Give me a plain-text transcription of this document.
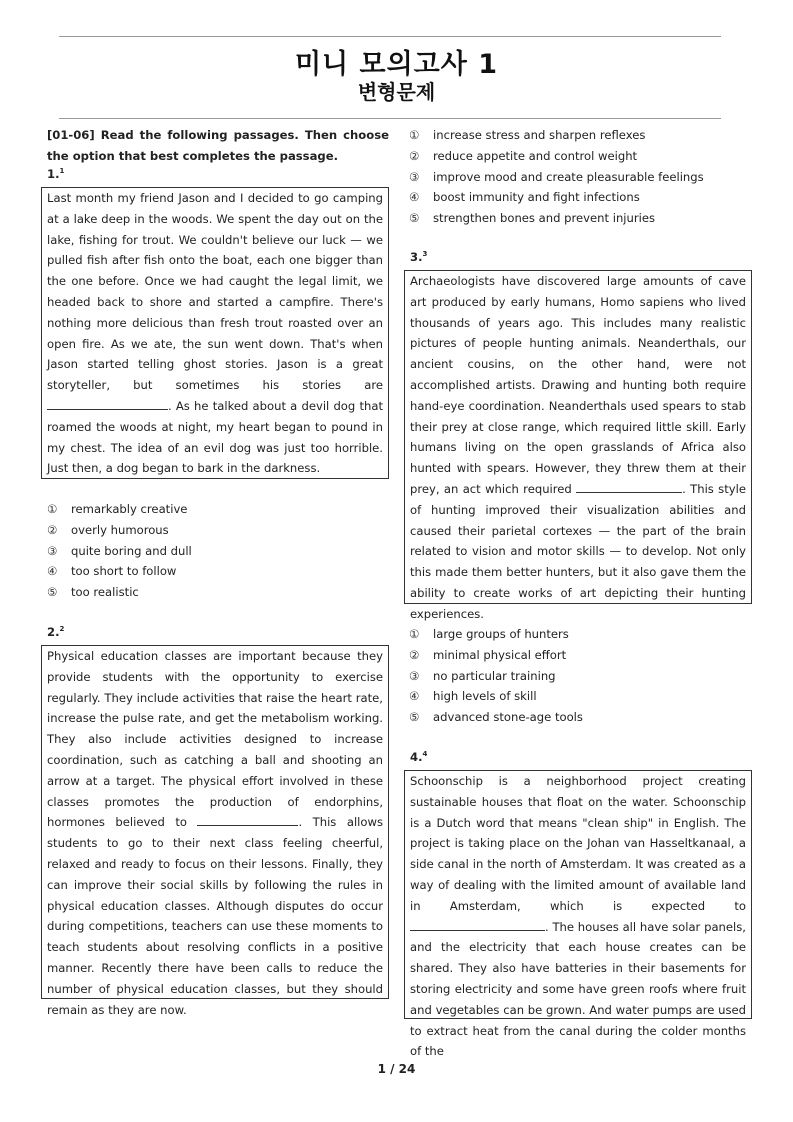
미니 모의고사 1
변형문제
[01-06] Read the following passages. Then choose the option that best completes the passage.
1.$^1$
Last month my friend Jason and I decided to go camping at a lake deep in the woods. We spent the day out on the lake, fishing for trout. We couldn't believe our luck — we pulled fish after fish onto the boat, each one bigger than the one before. Once we had caught the legal limit, we headed back to shore and started a campfire. There's nothing more delicious than fresh trout roasted over an open fire. As we ate, the sun went down. That's when Jason started telling ghost stories. Jason is a great storyteller, but sometimes his stories are . As he talked about a devil dog that roamed the woods at night, my heart began to pound in my chest. The idea of an evil dog was just too horrible. Just then, a dog began to bark in the darkness.
① remarkably creative
② overly humorous
③ quite boring and dull
④ too short to follow
⑤ too realistic
2.$^2$
Physical education classes are important because they provide students with the opportunity to exercise regularly. They include activities that raise the heart rate, increase the pulse rate, and get the metabolism working. They also include activities designed to increase coordination, such as catching a ball and shooting an arrow at a target. The physical effort involved in these classes promotes the production of endorphins, hormones believed to	. This allows students to go to their next class feeling cheerful, relaxed and ready to focus on their lessons. Finally, they can improve their social skills by following the rules in physical education classes. Although disputes do occur during competitions, teachers can use these moments to teach students about resolving conflicts in a positive manner. Recently there have been calls to reduce the number of physical education classes, but they should remain as they are now.
① increase stress and sharpen reflexes
② reduce appetite and control weight
③ improve mood and create pleasurable feelings
④ boost immunity and fight infections
⑤ strengthen bones and prevent injuries
3.$^3$
Archaeologists have discovered large amounts of cave art produced by early humans, Homo sapiens who lived thousands of years ago. This includes many realistic pictures of people hunting animals. Neanderthals, our ancient cousins, on the other hand, were not accomplished artists. Drawing and hunting both require hand-eye coordination. Neanderthals used spears to stab their prey at close range, which required little skill. Early humans living on the open grasslands of Africa also hunted with spears. However, they threw them at their prey, an act which required	. This style of hunting improved their visualization abilities and caused their parietal cortexes — the part of the brain related to vision and motor skills — to develop. Not only this made them better hunters, but it also gave them the ability to create works of art depicting their hunting experiences.
① large groups of hunters
② minimal physical effort
③ no particular training
④ high levels of skill
⑤ advanced stone-age tools
4.$^4$
Schoonschip is a neighborhood project creating sustainable houses that float on the water. Schoonschip is a Dutch word that means "clean ship" in English. The project is taking place on the Johan van Hasseltkanaal, a side canal in the north of Amsterdam. It was created as a way of dealing with the limited amount of available land in Amsterdam, which is expected to . The houses all have solar panels, and the electricity that each house creates can be shared. They also have batteries in their basements for storing electricity and some have green roofs where fruit and vegetables can be grown. And water pumps are used to extract heat from the canal during the colder months of the
1 / 24
